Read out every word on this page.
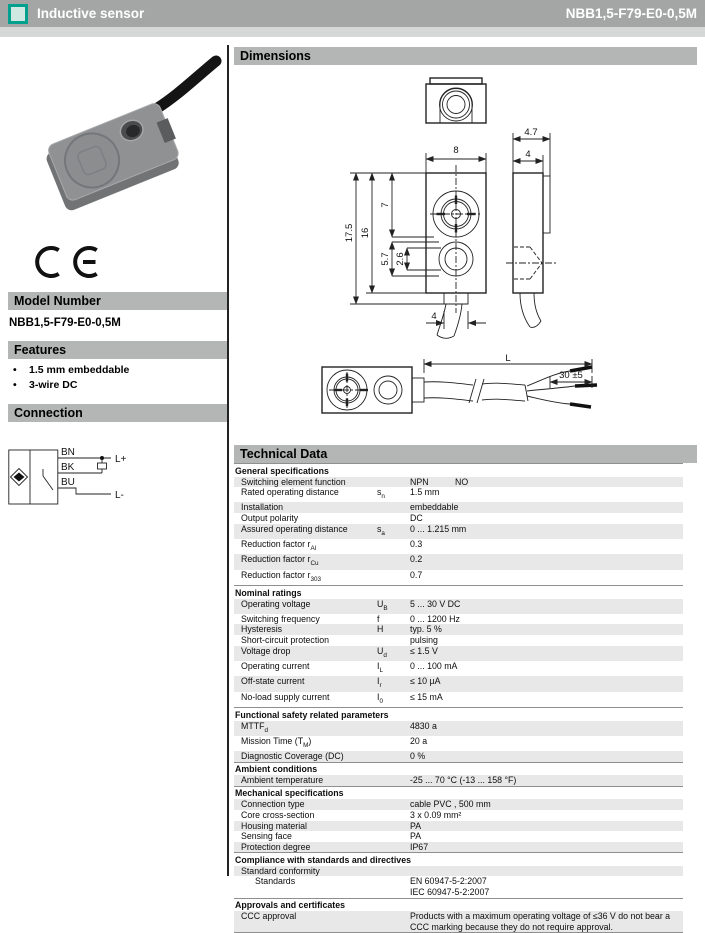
Inductive sensor	NBB1,5-F79-E0-0,5M
Model Number
NBB1,5-F79-E0-0,5M
Features
•	1.5 mm embeddable
•	3-wire DC
Connection
BN
BK
BU
L+
L-
Dimensions
8
4.7
4
17.5 16
7
5.7 2.6
4
L
30 ±5
Technical Data
General specifications
Switching element function	NPN	NO
Rated operating distance	$s_n$	1.5 mm
Installation	embeddable
Output polarity	DC
Assured operating distance	$s_a$	0 ... 1.215 mm
Reduction factor $r_{Al}$	0.3
Reduction factor $r_{Cu}$	0.2
Reduction factor $r_{303}$	0.7
Nominal ratings
Operating voltage	$U_B$	5 ... 30 V DC
Switching frequency	f	0 ... 1200 Hz
Hysteresis	H	typ. 5 %
Short-circuit protection	pulsing
Voltage drop	$U_d$	≤ 1.5 V
Operating current	$I_L$	0 ... 100 mA
Off-state current	$I_r$	≤ 10 µA
No-load supply current	$I_0$	≤ 15 mA
Functional safety related parameters
$MTTF_d$	4830 a
Mission Time $(T_M)$	20 a
Diagnostic Coverage (DC)	0 %
Ambient conditions
Ambient temperature	-25 ... 70 °C (-13 ... 158 °F)
Mechanical specifications
Connection type	cable PVC , 500 mm
Core cross-section	3 x 0.09 mm²
Housing material	PA
Sensing face	PA
Protection degree	IP67
Compliance with standards and directives
Standard conformity
Standards	EN 60947-5-2:2007
IEC 60947-5-2:2007
Approvals and certificates
CCC approval	Products with a maximum operating voltage of ≤36 V do not bear a CCC marking because they do not require approval.
